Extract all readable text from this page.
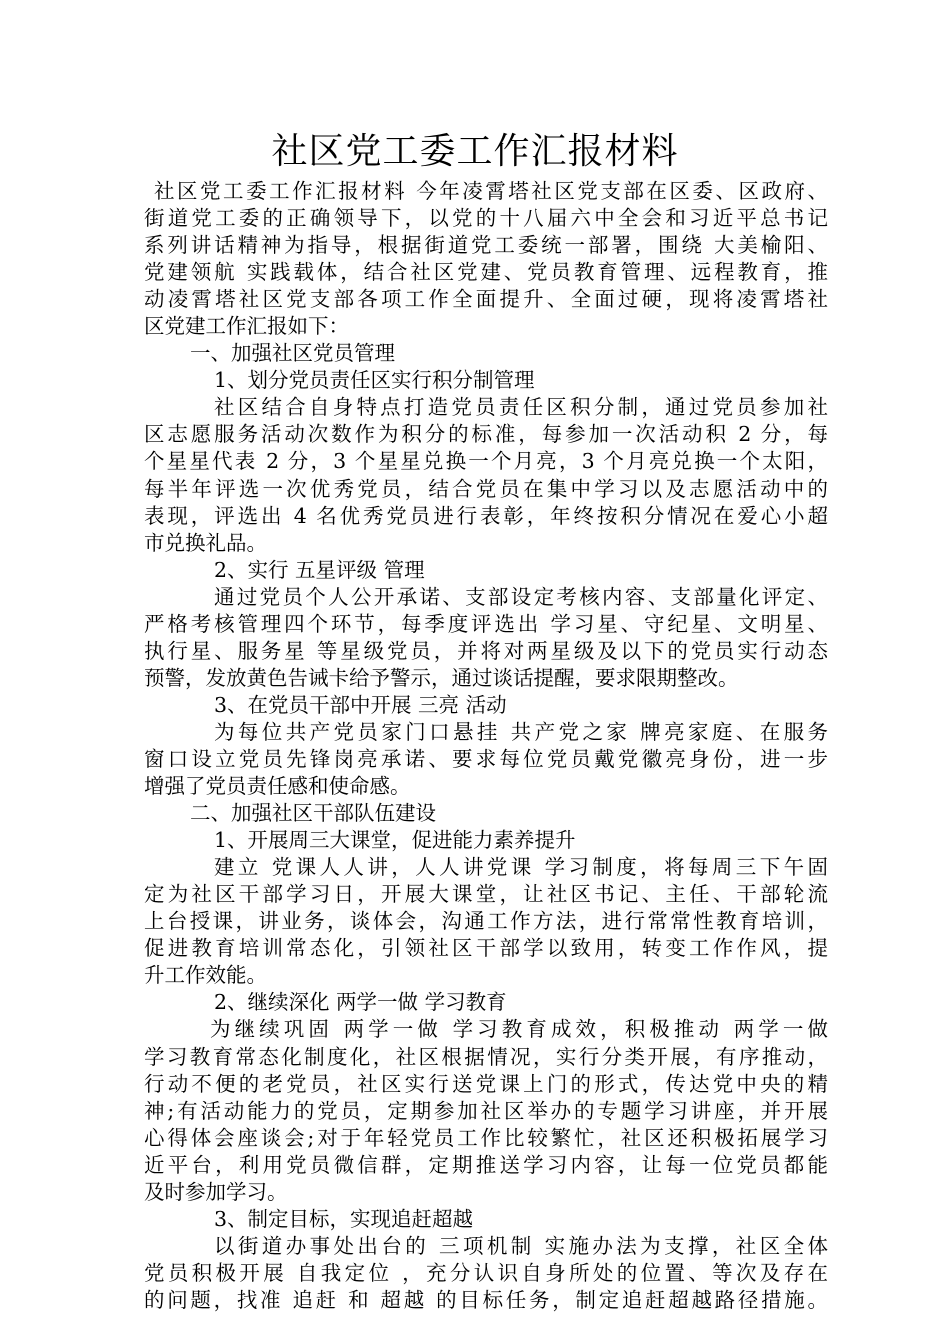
社区党工委工作汇报材料
社区党工委工作汇报材料 今年凌霄塔社区党支部在区委、区政府、
街道党工委的正确领导下，以党的十八届六中全会和习近平总书记
系列讲话精神为指导，根据街道党工委统一部署，围绕 大美榆阳、
党建领航 实践载体，结合社区党建、党员教育管理、远程教育，推
动凌霄塔社区党支部各项工作全面提升、全面过硬，现将凌霄塔社
区党建工作汇报如下：
一、加强社区党员管理
1、划分党员责任区实行积分制管理
社区结合自身特点打造党员责任区积分制，通过党员参加社
区志愿服务活动次数作为积分的标准，每参加一次活动积 2 分，每
个星星代表 2 分，3 个星星兑换一个月亮，3 个月亮兑换一个太阳，
每半年评选一次优秀党员，结合党员在集中学习以及志愿活动中的
表现，评选出 4 名优秀党员进行表彰，年终按积分情况在爱心小超
市兑换礼品。
2、实行 五星评级 管理
通过党员个人公开承诺、支部设定考核内容、支部量化评定、
严格考核管理四个环节，每季度评选出 学习星、守纪星、文明星、
执行星、服务星 等星级党员，并将对两星级及以下的党员实行动态
预警，发放黄色告诫卡给予警示，通过谈话提醒，要求限期整改。
3、在党员干部中开展 三亮 活动
为每位共产党员家门口悬挂 共产党之家 牌亮家庭、在服务
窗口设立党员先锋岗亮承诺、要求每位党员戴党徽亮身份，进一步
增强了党员责任感和使命感。
二、加强社区干部队伍建设
1、开展周三大课堂，促进能力素养提升
建立 党课人人讲，人人讲党课 学习制度，将每周三下午固
定为社区干部学习日，开展大课堂，让社区书记、主任、干部轮流
上台授课，讲业务，谈体会，沟通工作方法，进行常常性教育培训，
促进教育培训常态化，引领社区干部学以致用，转变工作作风，提
升工作效能。
2、继续深化 两学一做 学习教育
为继续巩固 两学一做 学习教育成效，积极推动 两学一做
学习教育常态化制度化，社区根据情况，实行分类开展，有序推动，
行动不便的老党员，社区实行送党课上门的形式，传达党中央的精
神;有活动能力的党员，定期参加社区举办的专题学习讲座，并开展
心得体会座谈会;对于年轻党员工作比较繁忙，社区还积极拓展学习
近平台，利用党员微信群，定期推送学习内容，让每一位党员都能
及时参加学习。
3、制定目标，实现追赶超越
以街道办事处出台的 三项机制 实施办法为支撑，社区全体
党员积极开展 自我定位 ，充分认识自身所处的位置、等次及存在
的问题，找准 追赶 和 超越 的目标任务，制定追赶超越路径措施。
